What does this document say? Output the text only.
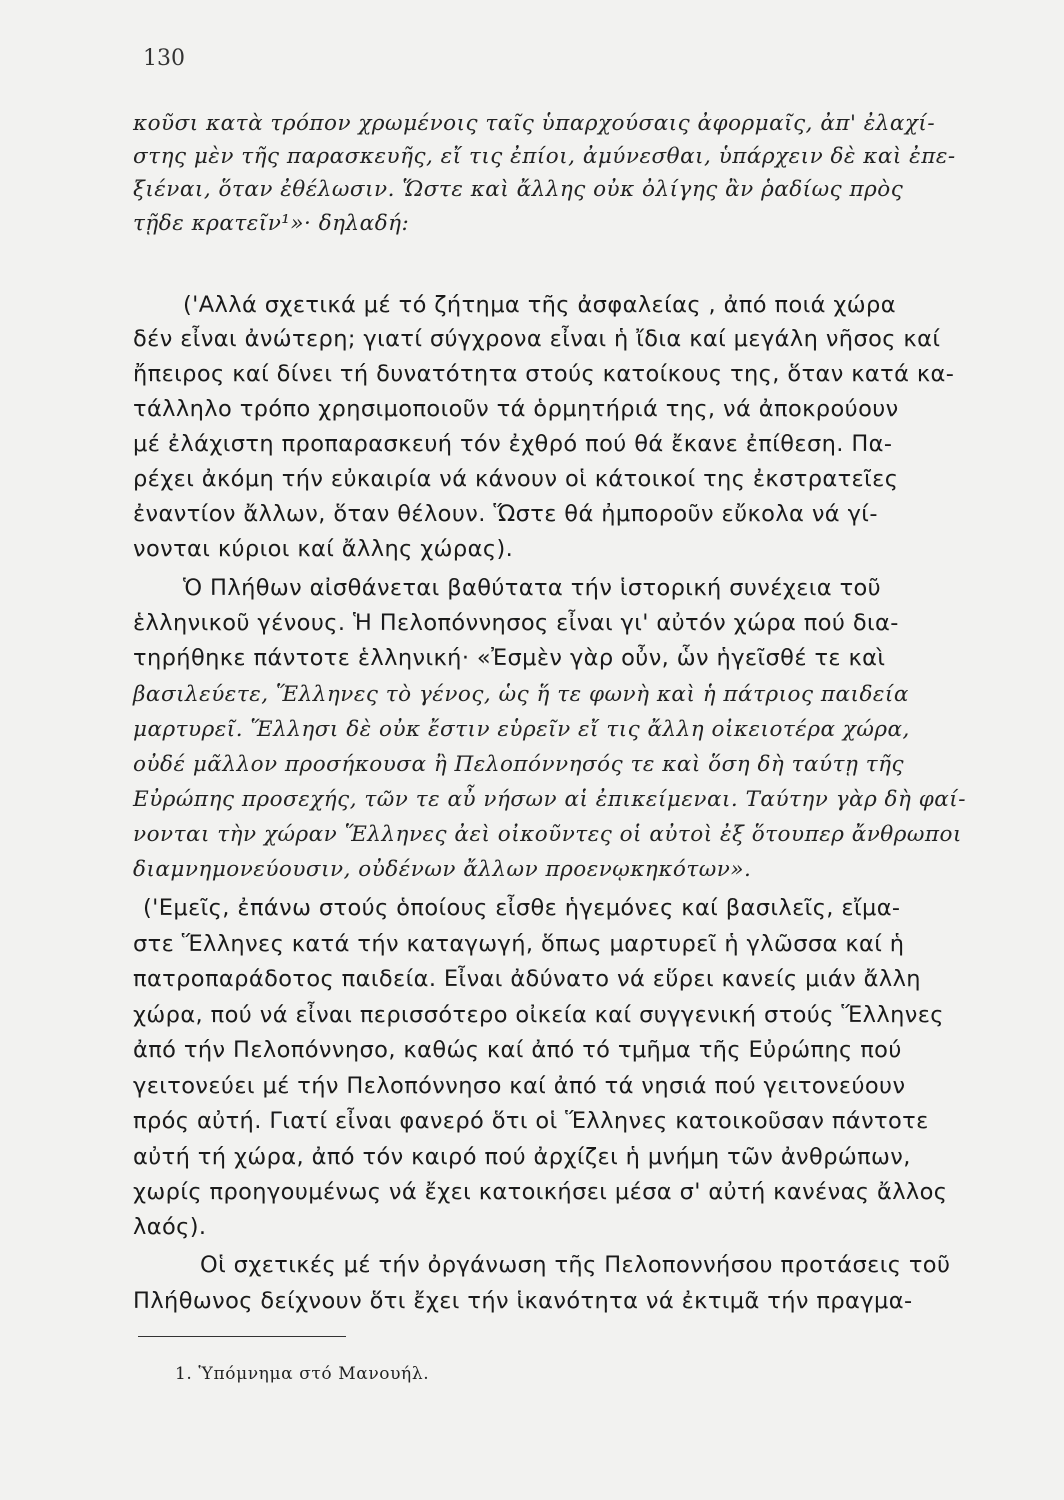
130
κοῦσι κατὰ τρόπον χρωμένοις ταῖς ὑπαρχούσαις ἀφορμαῖς, ἀπ' ἐλαχί-
στης μὲν τῆς παρασκευῆς, εἴ τις ἐπίοι, ἀμύνεσθαι, ὑπάρχειν δὲ καὶ ἐπε-
ξιέναι, ὅταν ἐθέλωσιν. Ὥστε καὶ ἄλλης οὐκ ὀλίγης ἂν ῥαδίως πρὸς
τῇδε κρατεῖν¹»· δηλαδή:
('Αλλά σχετικά μέ τό ζήτημα τῆς ἀσφαλείας , ἀπό ποιά χώρα
δέν εἶναι ἀνώτερη; γιατί σύγχρονα εἶναι ἡ ἴδια καί μεγάλη νῆσος καί
ἤπειρος καί δίνει τή δυνατότητα στούς κατοίκους της, ὅταν κατά κα-
τάλληλο τρόπο χρησιμοποιοῦν τά ὁρμητήριά της, νά ἀποκρούουν
μέ ἐλάχιστη προπαρασκευή τόν ἐχθρό πού θά ἔκανε ἐπίθεση. Πα-
ρέχει ἀκόμη τήν εὐκαιρία νά κάνουν οἱ κάτοικοί της ἐκστρατεῖες
ἐναντίον ἄλλων, ὅταν θέλουν. Ὥστε θά ἠμποροῦν εὔκολα νά γί-
νονται κύριοι καί ἄλλης χώρας).
Ὁ Πλήθων αἰσθάνεται βαθύτατα τήν ἱστορική συνέχεια τοῦ
ἑλληνικοῦ γένους. Ἡ Πελοπόννησος εἶναι γι' αὐτόν χώρα πού δια-
τηρήθηκε πάντοτε ἑλληνική· «Ἐσμὲν γὰρ οὖν, ὧν ἡγεῖσθέ τε καὶ
βασιλεύετε, Ἕλληνες τὸ γένος, ὡς ἥ τε φωνὴ καὶ ἡ πάτριος παιδεία
μαρτυρεῖ. Ἕλλησι δὲ οὐκ ἔστιν εὑρεῖν εἴ τις ἄλλη οἰκειοτέρα χώρα,
οὐδέ μᾶλλον προσήκουσα ἢ Πελοπόννησός τε καὶ ὅση δὴ ταύτῃ τῆς
Εὐρώπης προσεχής, τῶν τε αὖ νήσων αἱ ἐπικείμεναι. Ταύτην γὰρ δὴ φαί-
νονται τὴν χώραν Ἕλληνες ἀεὶ οἰκοῦντες οἱ αὐτοὶ ἐξ ὅτουπερ ἄνθρωποι
διαμνημονεύουσιν, οὐδένων ἄλλων προενῳκηκότων».
('Εμεῖς, ἐπάνω στούς ὁποίους εἶσθε ἡγεμόνες καί βασιλεῖς, εἴμα-
στε Ἕλληνες κατά τήν καταγωγή, ὅπως μαρτυρεῖ ἡ γλῶσσα καί ἡ
πατροπαράδοτος παιδεία. Εἶναι ἀδύνατο νά εὕρει κανείς μιάν ἄλλη
χώρα, πού νά εἶναι περισσότερο οἰκεία καί συγγενική στούς Ἕλληνες
ἀπό τήν Πελοπόννησο, καθώς καί ἀπό τό τμῆμα τῆς Εὐρώπης πού
γειτονεύει μέ τήν Πελοπόννησο καί ἀπό τά νησιά πού γειτονεύουν
πρός αὐτή. Γιατί εἶναι φανερό ὅτι οἱ Ἕλληνες κατοικοῦσαν πάντοτε
αὐτή τή χώρα, ἀπό τόν καιρό πού ἀρχίζει ἡ μνήμη τῶν ἀνθρώπων,
χωρίς προηγουμένως νά ἔχει κατοικήσει μέσα σ' αὐτή κανένας ἄλλος
λαός).
Οἱ σχετικές μέ τήν ὀργάνωση τῆς Πελοποννήσου προτάσεις τοῦ
Πλήθωνος δείχνουν ὅτι ἔχει τήν ἱκανότητα νά ἐκτιμᾶ τήν πραγμα-
1. Ὑπόμνημα στό Μανουήλ.
